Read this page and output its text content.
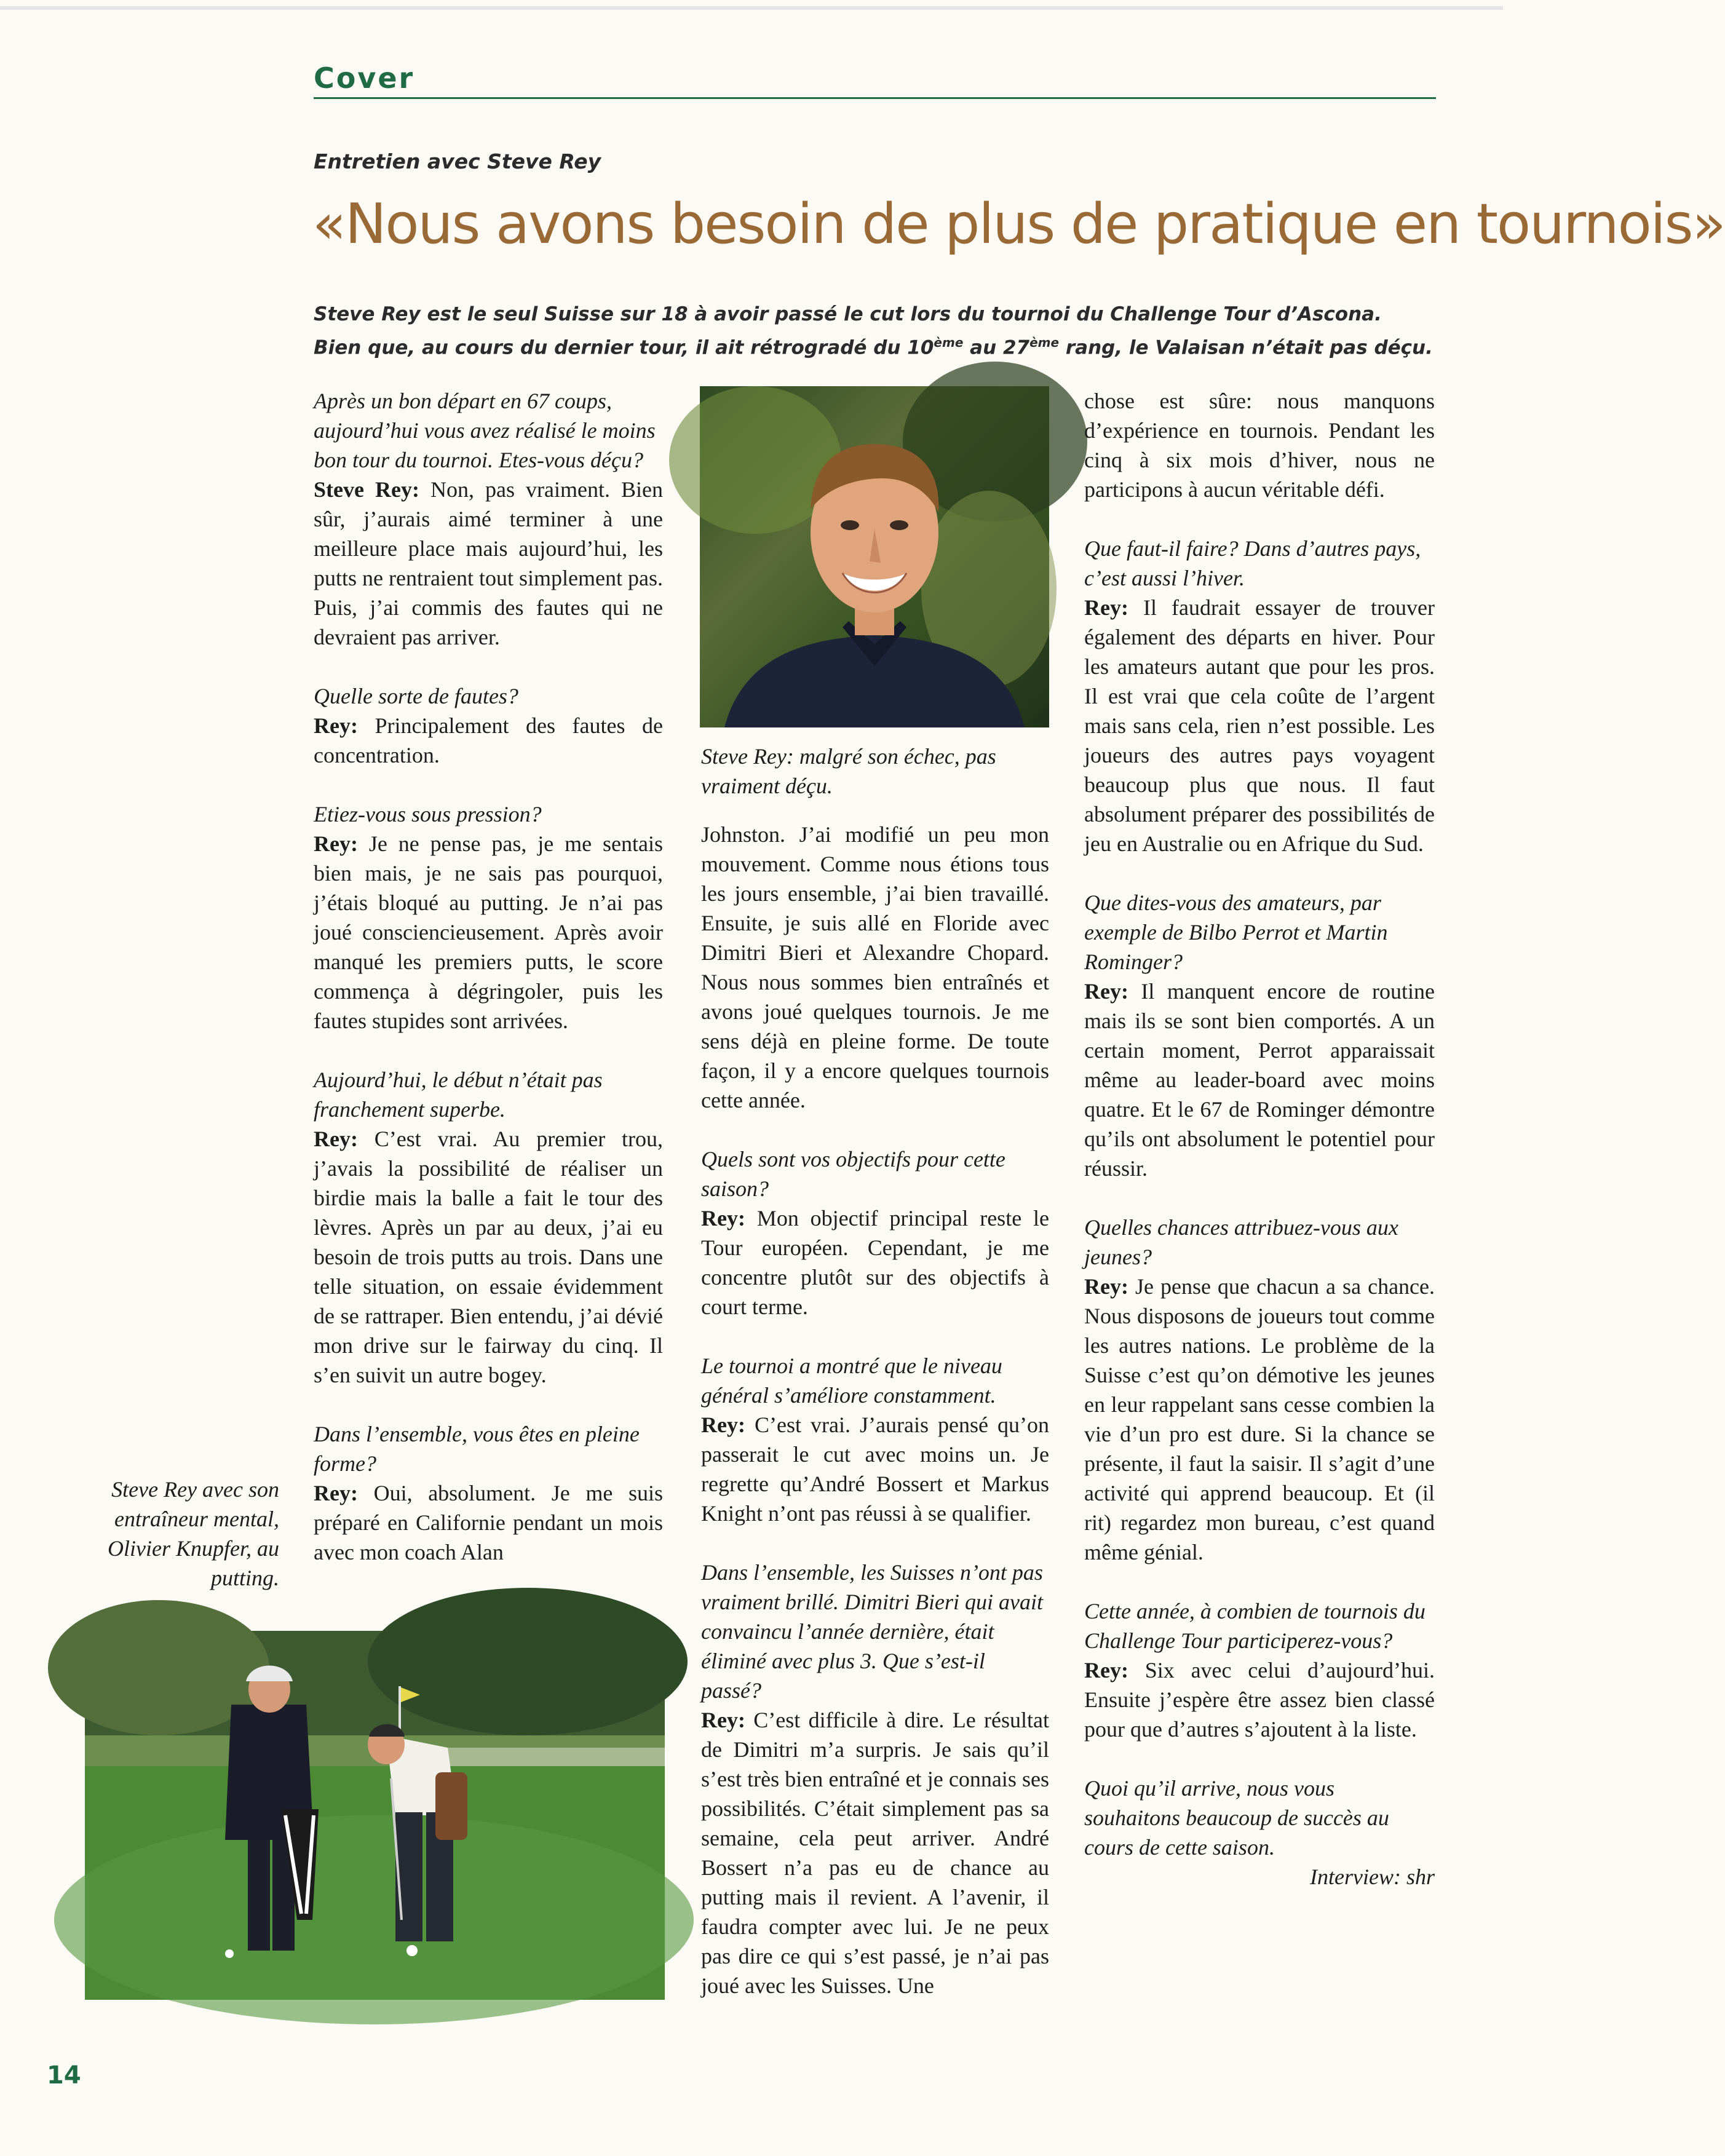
Cover
Entretien avec Steve Rey
«Nous avons besoin de plus de pratique en tournois»

Steve Rey est le seul Suisse sur 18 à avoir passé le cut lors du tournoi du Challenge Tour d’Ascona.

Bien que, au cours du dernier tour, il ait rétrogradé du 10ème au 27ème rang, le Valaisan n’était pas déçu.

Après un bon départ en 67 coups, aujourd’hui vous avez réalisé le moins bon tour du tournoi. Etes-vous déçu?
Steve Rey: Non, pas vraiment. Bien sûr, j’aurais aimé terminer à une meilleure place mais aujourd’hui, les putts ne rentraient tout simplement pas. Puis, j’ai commis des fautes qui ne devraient pas arriver.

Quelle sorte de fautes?
Rey: Principalement des fautes de concentration.

Etiez-vous sous pression?
Rey: Je ne pense pas, je me sentais bien mais, je ne sais pas pourquoi, j’étais bloqué au putting. Je n’ai pas joué consciencieusement. Après avoir manqué les premiers putts, le score commença à dégringoler, puis les fautes stupides sont arrivées.

Aujourd’hui, le début n’était pas franchement superbe.
Rey: C’est vrai. Au premier trou, j’avais la possibilité de réaliser un birdie mais la balle a fait le tour des lèvres. Après un par au deux, j’ai eu besoin de trois putts au trois. Dans une telle situation, on essaie évidemment de se rattraper. Bien entendu, j’ai dévié mon drive sur le fairway du cinq. Il s’en suivit un autre bogey.

Dans l’ensemble, vous êtes en pleine forme?
Rey: Oui, absolument. Je me suis préparé en Californie pendant un mois avec mon coach Alan

Steve Rey: malgré son échec, pas vraiment déçu.

Johnston. J’ai modifié un peu mon mouvement. Comme nous étions tous les jours ensemble, j’ai bien travaillé. Ensuite, je suis allé en Floride avec Dimitri Bieri et Alexandre Chopard. Nous nous sommes bien entraînés et avons joué quelques tournois. Je me sens déjà en pleine forme. De toute façon, il y a encore quelques tournois cette année.

Quels sont vos objectifs pour cette saison?
Rey: Mon objectif principal reste le Tour européen. Cependant, je me concentre plutôt sur des objectifs à court terme.

Le tournoi a montré que le niveau général s’améliore constamment.
Rey: C’est vrai. J’aurais pensé qu’on passerait le cut avec moins un. Je regrette qu’André Bossert et Markus Knight n’ont pas réussi à se qualifier.

Dans l’ensemble, les Suisses n’ont pas vraiment brillé. Dimitri Bieri qui avait convaincu l’année dernière, était éliminé avec plus 3. Que s’est-il passé?
Rey: C’est difficile à dire. Le résultat de Dimitri m’a surpris. Je sais qu’il s’est très bien entraîné et je connais ses possibilités. C’était simplement pas sa semaine, cela peut arriver. André Bossert n’a pas eu de chance au putting mais il revient. A l’avenir, il faudra compter avec lui. Je ne peux pas dire ce qui s’est passé, je n’ai pas joué avec les Suisses. Une

chose est sûre: nous manquons d’expérience en tournois. Pendant les cinq à six mois d’hiver, nous ne participons à aucun véritable défi.

Que faut-il faire? Dans d’autres pays, c’est aussi l’hiver.
Rey: Il faudrait essayer de trouver également des départs en hiver. Pour les amateurs autant que pour les pros. Il est vrai que cela coûte de l’argent mais sans cela, rien n’est possible. Les joueurs des autres pays voyagent beaucoup plus que nous. Il faut absolument préparer des possibilités de jeu en Australie ou en Afrique du Sud.

Que dites-vous des amateurs, par exemple de Bilbo Perrot et Martin Rominger?
Rey: Il manquent encore de routine mais ils se sont bien comportés. A un certain moment, Perrot apparaissait même au leader-board avec moins quatre. Et le 67 de Rominger démontre qu’ils ont absolument le potentiel pour réussir.

Quelles chances attribuez-vous aux jeunes?
Rey: Je pense que chacun a sa chance. Nous disposons de joueurs tout comme les autres nations. Le problème de la Suisse c’est qu’on démotive les jeunes en leur rappelant sans cesse combien la vie d’un pro est dure. Si la chance se présente, il faut la saisir. Il s’agit d’une activité qui apprend beaucoup. Et (il rit) regardez mon bureau, c’est quand même génial.

Cette année, à combien de tournois du Challenge Tour participerez-vous?
Rey: Six avec celui d’aujourd’hui. Ensuite j’espère être assez bien classé pour que d’autres s’ajoutent à la liste.

Quoi qu’il arrive, nous vous souhaitons beaucoup de succès au cours de cette saison.
Interview: shr

Steve Rey avec son entraîneur mental, Olivier Knupfer, au putting.
14
